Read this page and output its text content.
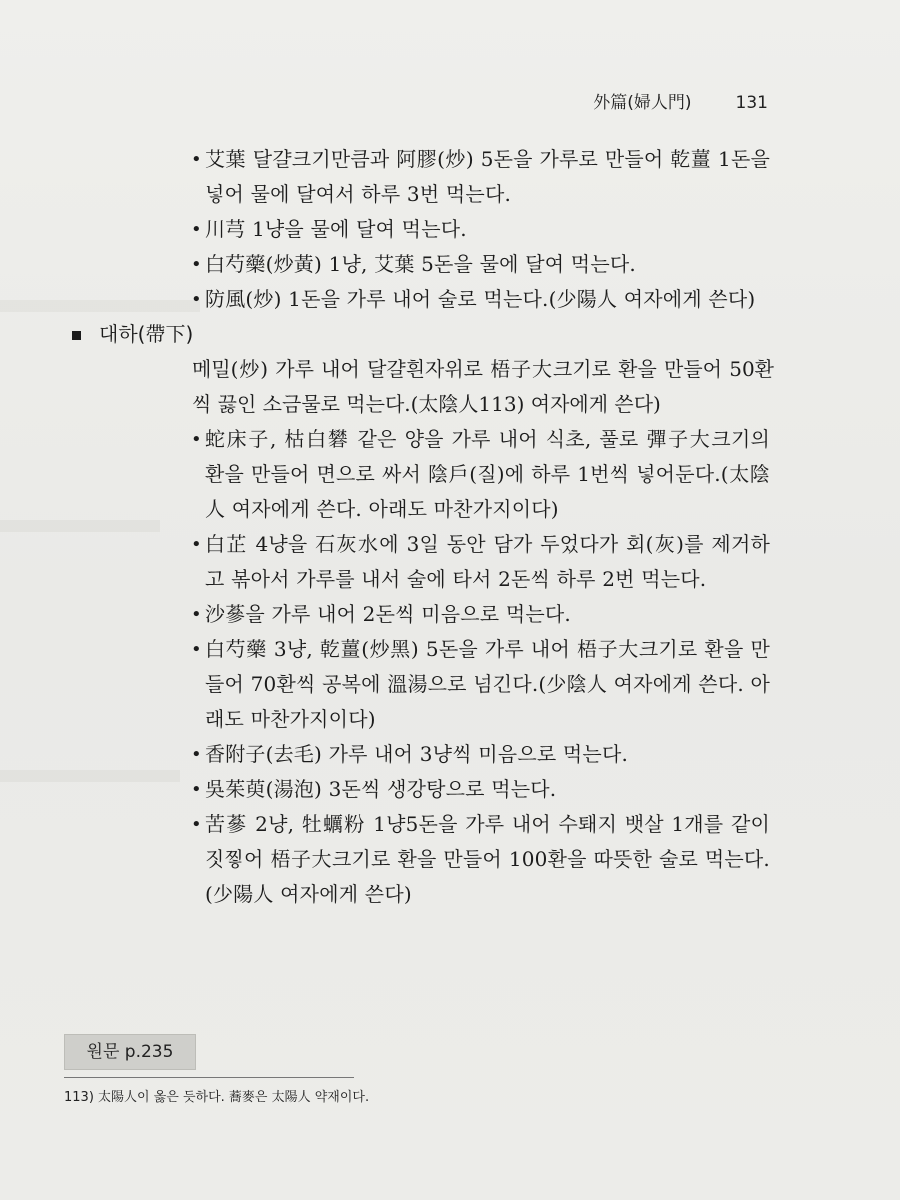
外篇(婦人門)	131
• 艾葉 달걀크기만큼과 阿膠(炒) 5돈을 가루로 만들어 乾薑 1돈을 넣어 물에 달여서 하루 3번 먹는다.
• 川芎 1냥을 물에 달여 먹는다.
• 白芍藥(炒黃) 1냥, 艾葉 5돈을 물에 달여 먹는다.
• 防風(炒) 1돈을 가루 내어 술로 먹는다.(少陽人 여자에게 쓴다)
대하(帶下)
메밀(炒) 가루 내어 달걀흰자위로 梧子大크기로 환을 만들어 50환씩 끓인 소금물로 먹는다.(太陰人113) 여자에게 쓴다)
• 蛇床子, 枯白礬 같은 양을 가루 내어 식초, 풀로 彈子大크기의 환을 만들어 면으로 싸서 陰戶(질)에 하루 1번씩 넣어둔다.(太陰人 여자에게 쓴다. 아래도 마찬가지이다)
• 白芷 4냥을 石灰水에 3일 동안 담가 두었다가 회(灰)를 제거하고 볶아서 가루를 내서 술에 타서 2돈씩 하루 2번 먹는다.
• 沙蔘을 가루 내어 2돈씩 미음으로 먹는다.
• 白芍藥 3냥, 乾薑(炒黑) 5돈을 가루 내어 梧子大크기로 환을 만들어 70환씩 공복에 溫湯으로 넘긴다.(少陰人 여자에게 쓴다. 아래도 마찬가지이다)
• 香附子(去毛) 가루 내어 3냥씩 미음으로 먹는다.
• 吳茱萸(湯泡) 3돈씩 생강탕으로 먹는다.
• 苦蔘 2냥, 牡蠣粉 1냥5돈을 가루 내어 수퇘지 뱃살 1개를 같이 짓찧어 梧子大크기로 환을 만들어 100환을 따뜻한 술로 먹는다.(少陽人 여자에게 쓴다)
원문 p.235
113) 太陽人이 옳은 듯하다. 蕎麥은 太陽人 약재이다.
